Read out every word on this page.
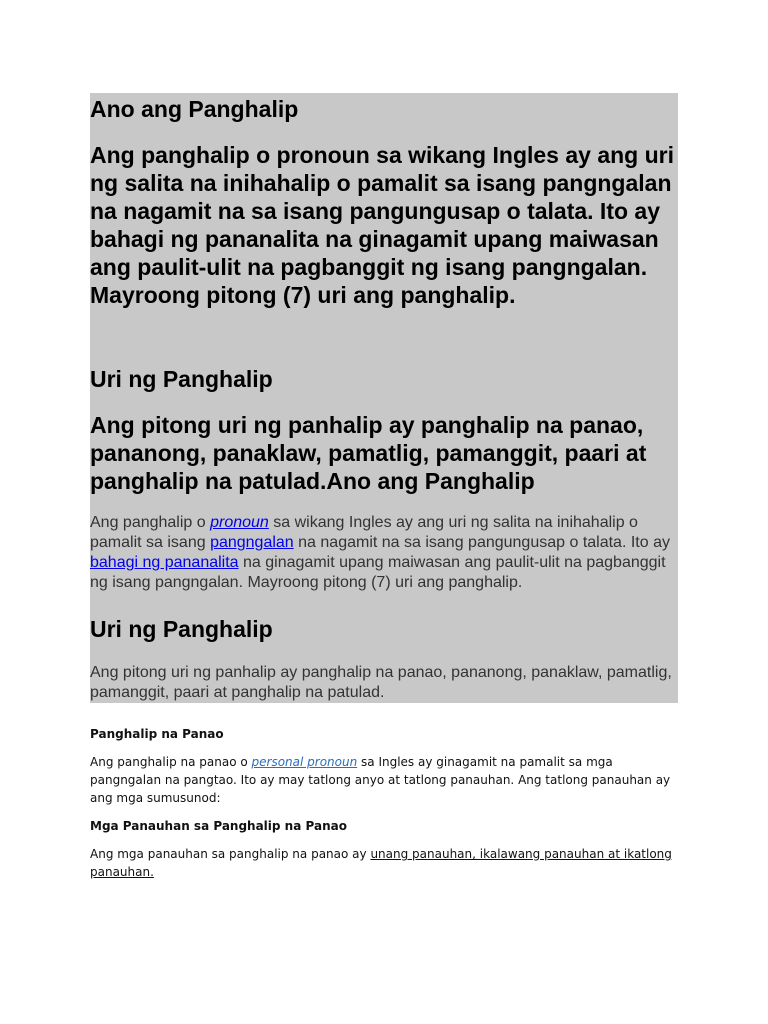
Ano ang Panghalip

Ang panghalip o pronoun sa wikang Ingles ay ang uri ng salita na inihahalip o pamalit sa isang pangngalan na nagamit na sa isang pangungusap o talata. Ito ay bahagi ng pananalita na ginagamit upang maiwasan ang paulit-ulit na pagbanggit ng isang pangngalan. Mayroong pitong (7) uri ang panghalip.

Uri ng Panghalip

Ang pitong uri ng panhalip ay panghalip na panao, pananong, panaklaw, pamatlig, pamanggit, paari at panghalip na patulad.Ano ang Panghalip

Ang panghalip o pronoun sa wikang Ingles ay ang uri ng salita na inihahalip o pamalit sa isang pangngalan na nagamit na sa isang pangungusap o talata. Ito ay bahagi ng pananalita na ginagamit upang maiwasan ang paulit-ulit na pagbanggit ng isang pangngalan. Mayroong pitong (7) uri ang panghalip.

Uri ng Panghalip

Ang pitong uri ng panhalip ay panghalip na panao, pananong, panaklaw, pamatlig, pamanggit, paari at panghalip na patulad.

Panghalip na Panao

Ang panghalip na panao o personal pronoun sa Ingles ay ginagamit na pamalit sa mga pangngalan na pangtao. Ito ay may tatlong anyo at tatlong panauhan. Ang tatlong panauhan ay ang mga sumusunod:

Mga Panauhan sa Panghalip na Panao

Ang mga panauhan sa panghalip na panao ay unang panauhan, ikalawang panauhan at ikatlong panauhan.
